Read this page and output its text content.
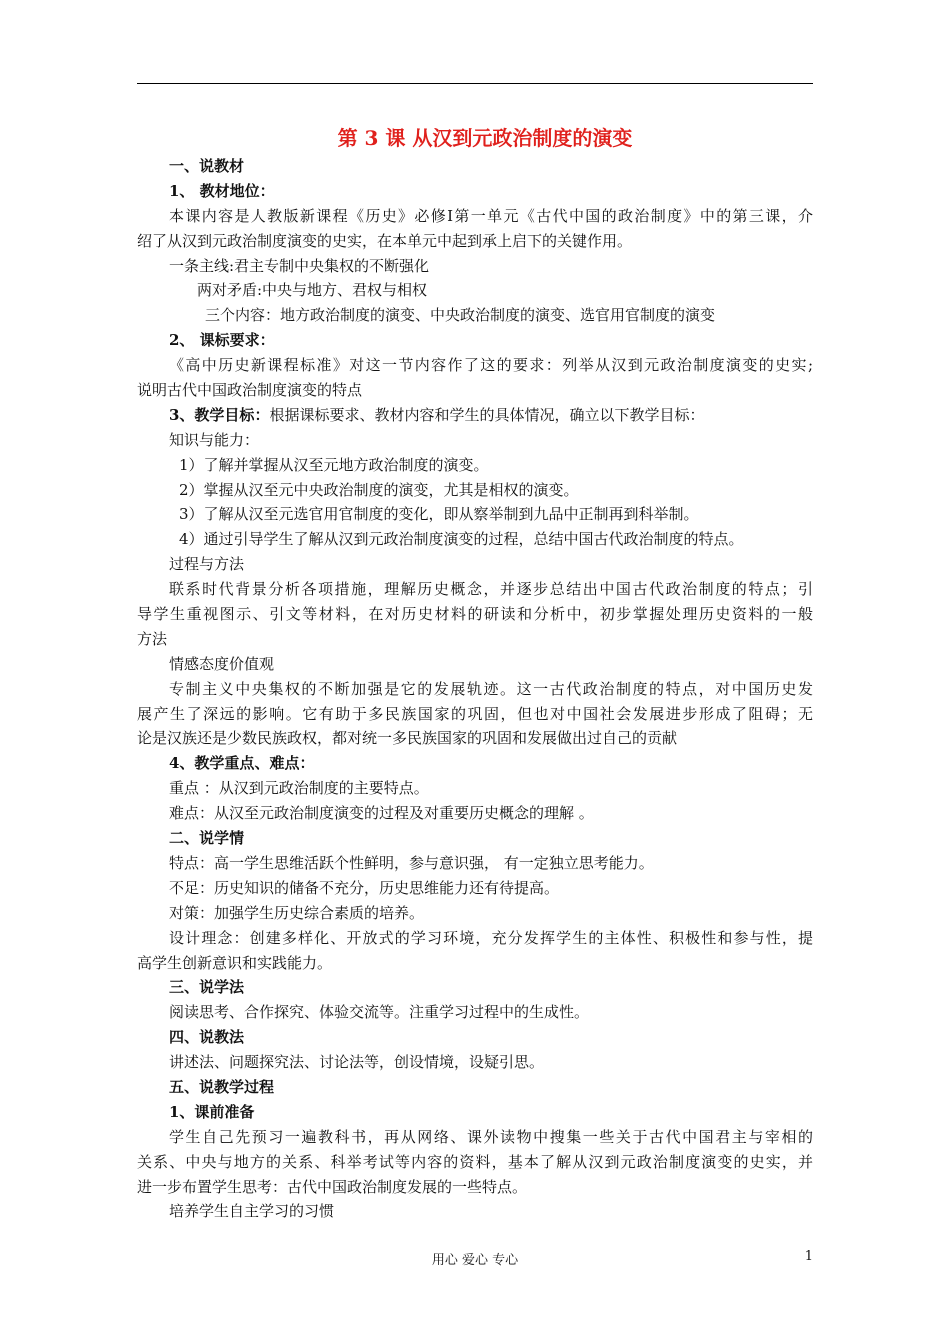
第 3 课 从汉到元政治制度的演变
一、说教材
1、 教材地位：
本课内容是人教版新课程《历史》必修Ⅰ第一单元《古代中国的政治制度》中的第三课，介
绍了从汉到元政治制度演变的史实，在本单元中起到承上启下的关键作用。
一条主线:君主专制中央集权的不断强化
两对矛盾:中央与地方、君权与相权
三个内容：地方政治制度的演变、中央政治制度的演变、选官用官制度的演变
2、 课标要求：
《高中历史新课程标准》对这一节内容作了这的要求：列举从汉到元政治制度演变的史实;
说明古代中国政治制度演变的特点
3、教学目标：根据课标要求、教材内容和学生的具体情况，确立以下教学目标：
知识与能力：
1）了解并掌握从汉至元地方政治制度的演变。
2）掌握从汉至元中央政治制度的演变，尤其是相权的演变。
3）了解从汉至元选官用官制度的变化，即从察举制到九品中正制再到科举制。
4）通过引导学生了解从汉到元政治制度演变的过程，总结中国古代政治制度的特点。
过程与方法
联系时代背景分析各项措施，理解历史概念，并逐步总结出中国古代政治制度的特点；引
导学生重视图示、引文等材料，在对历史材料的研读和分析中，初步掌握处理历史资料的一般
方法
情感态度价值观
专制主义中央集权的不断加强是它的发展轨迹。这一古代政治制度的特点，对中国历史发
展产生了深远的影响。它有助于多民族国家的巩固，但也对中国社会发展进步形成了阻碍；无
论是汉族还是少数民族政权，都对统一多民族国家的巩固和发展做出过自己的贡献
4、教学重点、难点：
重点 ：从汉到元政治制度的主要特点。
难点：从汉至元政治制度演变的过程及对重要历史概念的理解 。
二、说学情
特点：高一学生思维活跃个性鲜明，参与意识强， 有一定独立思考能力。
不足：历史知识的储备不充分，历史思维能力还有待提高。
对策：加强学生历史综合素质的培养。
设计理念：创建多样化、开放式的学习环境，充分发挥学生的主体性、积极性和参与性，提
高学生创新意识和实践能力。
三、说学法
阅读思考、合作探究、体验交流等。注重学习过程中的生成性。
四、说教法
讲述法、问题探究法、讨论法等，创设情境，设疑引思。
五、说教学过程
1、课前准备
学生自己先预习一遍教科书，再从网络、课外读物中搜集一些关于古代中国君主与宰相的
关系、中央与地方的关系、科举考试等内容的资料，基本了解从汉到元政治制度演变的史实，并
进一步布置学生思考：古代中国政治制度发展的一些特点。
培养学生自主学习的习惯
用心 爱心 专心	1
